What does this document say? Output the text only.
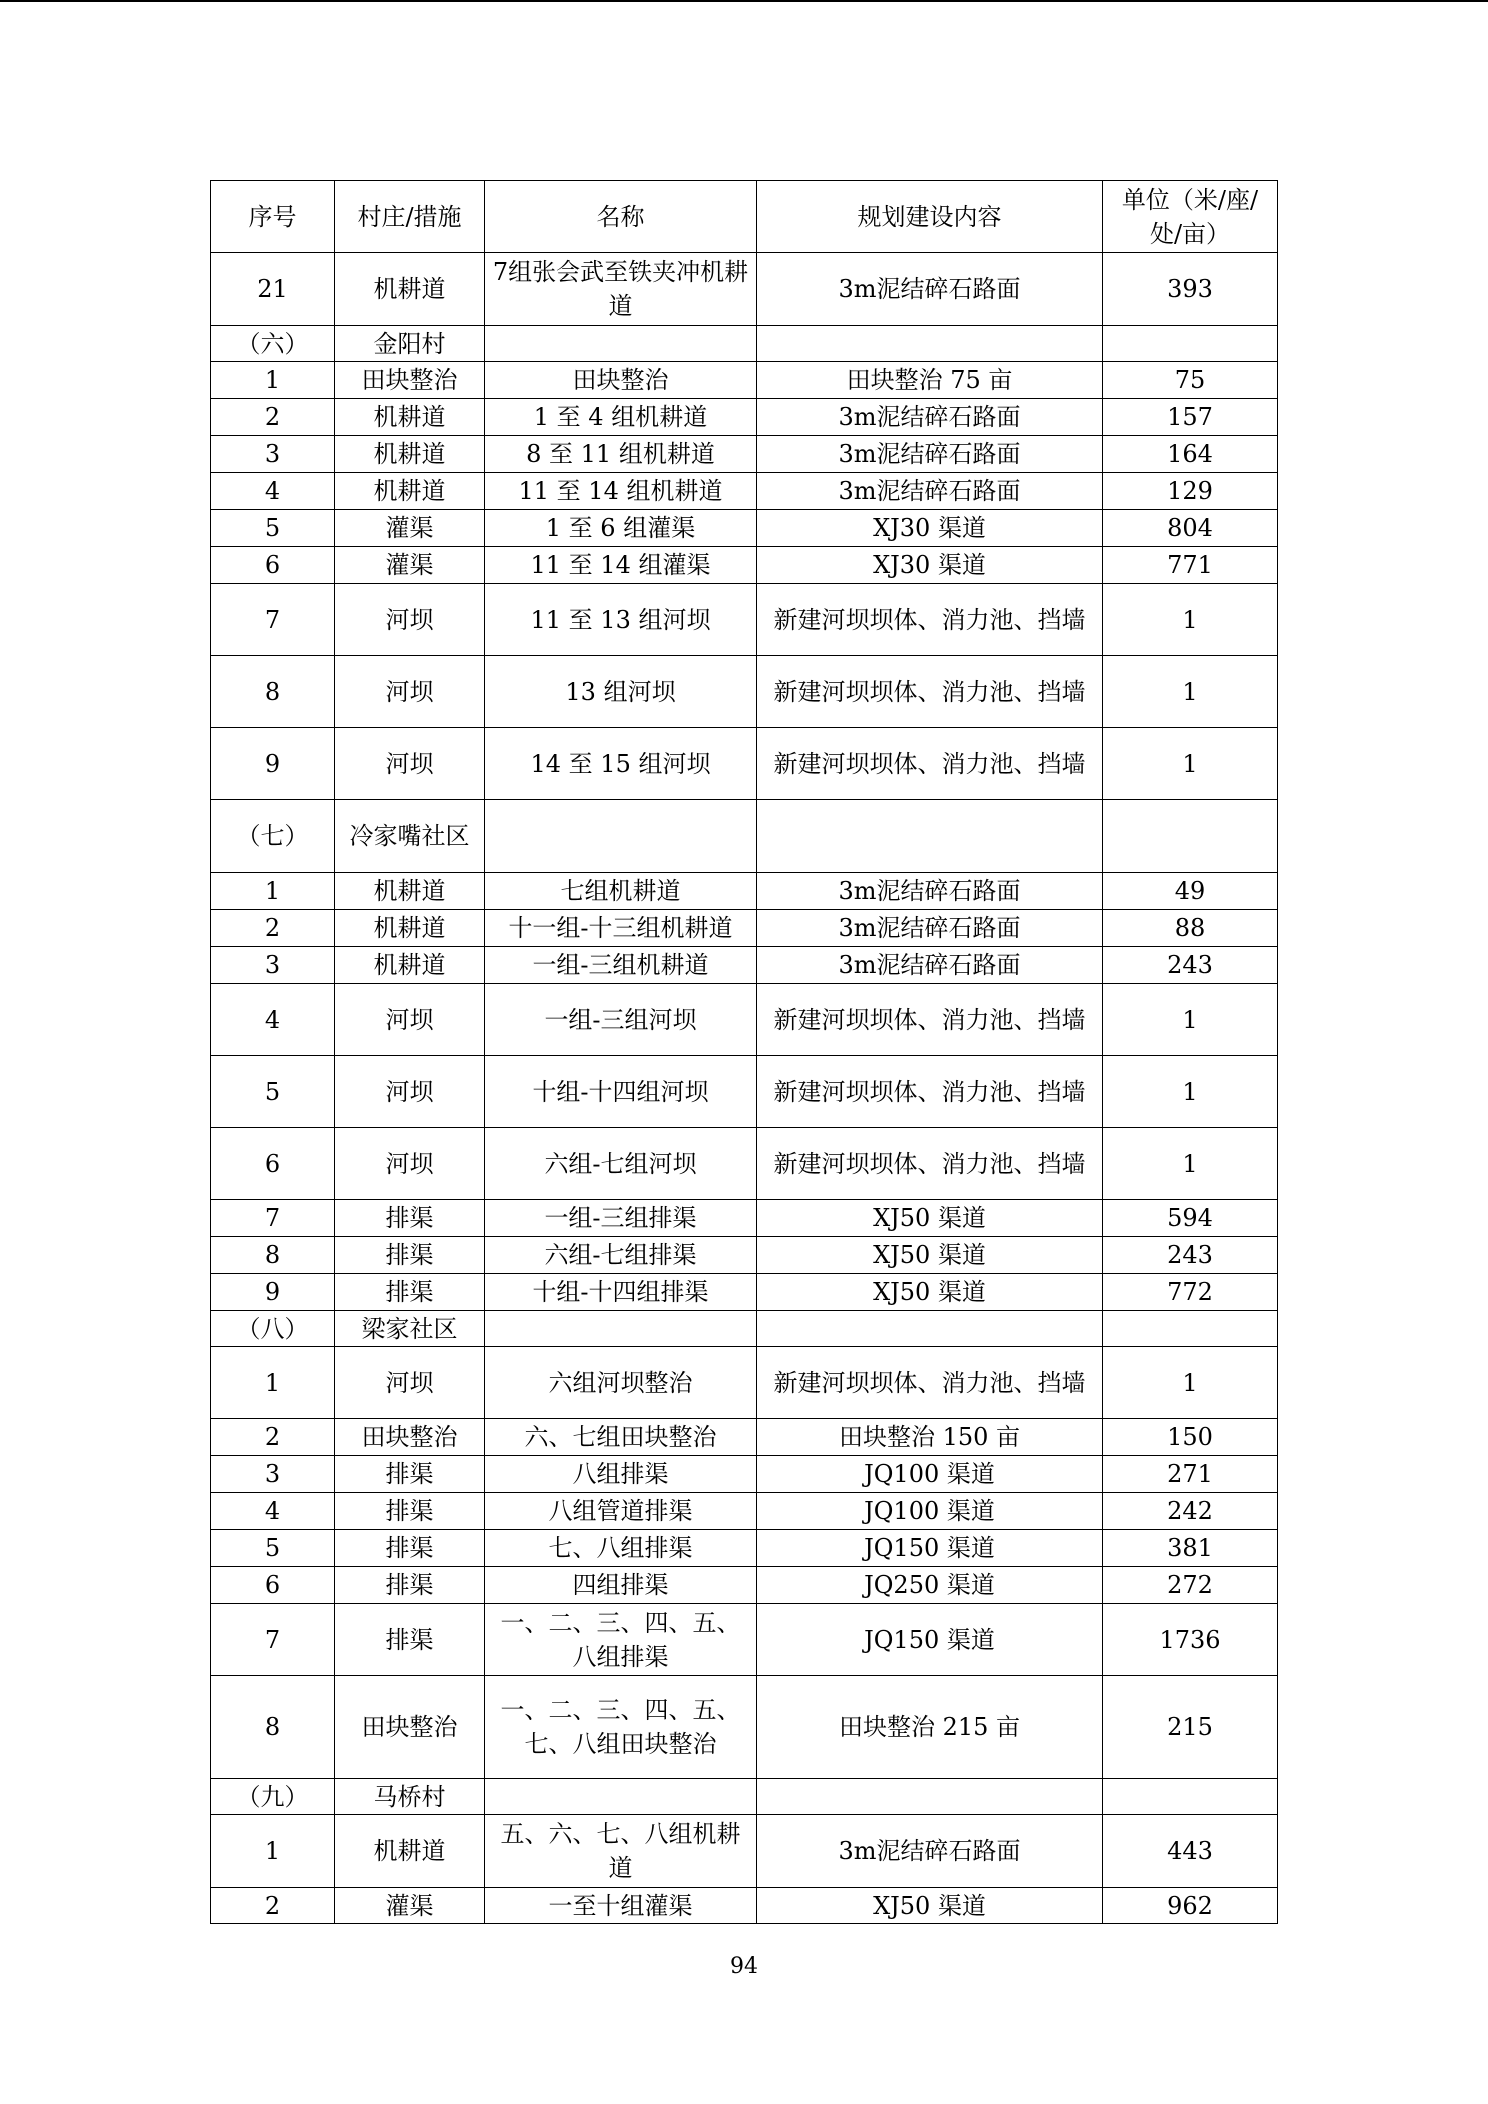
序号	村庄/措施	名称	规划建设内容	单位（米/座/处/亩）
21	机耕道	7组张会武至铁夹冲机耕道	3m泥结碎石路面	393
（六）	金阳村			
1	田块整治	田块整治	田块整治 75 亩	75
2	机耕道	1 至 4 组机耕道	3m泥结碎石路面	157
3	机耕道	8 至 11 组机耕道	3m泥结碎石路面	164
4	机耕道	11 至 14 组机耕道	3m泥结碎石路面	129
5	灌渠	1 至 6 组灌渠	XJ30 渠道	804
6	灌渠	11 至 14 组灌渠	XJ30 渠道	771
7	河坝	11 至 13 组河坝	新建河坝坝体、消力池、挡墙	1
8	河坝	13 组河坝	新建河坝坝体、消力池、挡墙	1
9	河坝	14 至 15 组河坝	新建河坝坝体、消力池、挡墙	1
（七）	冷家嘴社区			
1	机耕道	七组机耕道	3m泥结碎石路面	49
2	机耕道	十一组-十三组机耕道	3m泥结碎石路面	88
3	机耕道	一组-三组机耕道	3m泥结碎石路面	243
4	河坝	一组-三组河坝	新建河坝坝体、消力池、挡墙	1
5	河坝	十组-十四组河坝	新建河坝坝体、消力池、挡墙	1
6	河坝	六组-七组河坝	新建河坝坝体、消力池、挡墙	1
7	排渠	一组-三组排渠	XJ50 渠道	594
8	排渠	六组-七组排渠	XJ50 渠道	243
9	排渠	十组-十四组排渠	XJ50 渠道	772
（八）	梁家社区			
1	河坝	六组河坝整治	新建河坝坝体、消力池、挡墙	1
2	田块整治	六、七组田块整治	田块整治 150 亩	150
3	排渠	八组排渠	JQ100 渠道	271
4	排渠	八组管道排渠	JQ100 渠道	242
5	排渠	七、八组排渠	JQ150 渠道	381
6	排渠	四组排渠	JQ250 渠道	272
7	排渠	一、二、三、四、五、八组排渠	JQ150 渠道	1736
8	田块整治	一、二、三、四、五、七、八组田块整治	田块整治 215 亩	215
（九）	马桥村			
1	机耕道	五、六、七、八组机耕道	3m泥结碎石路面	443
2	灌渠	一至十组灌渠	XJ50 渠道	962
94
